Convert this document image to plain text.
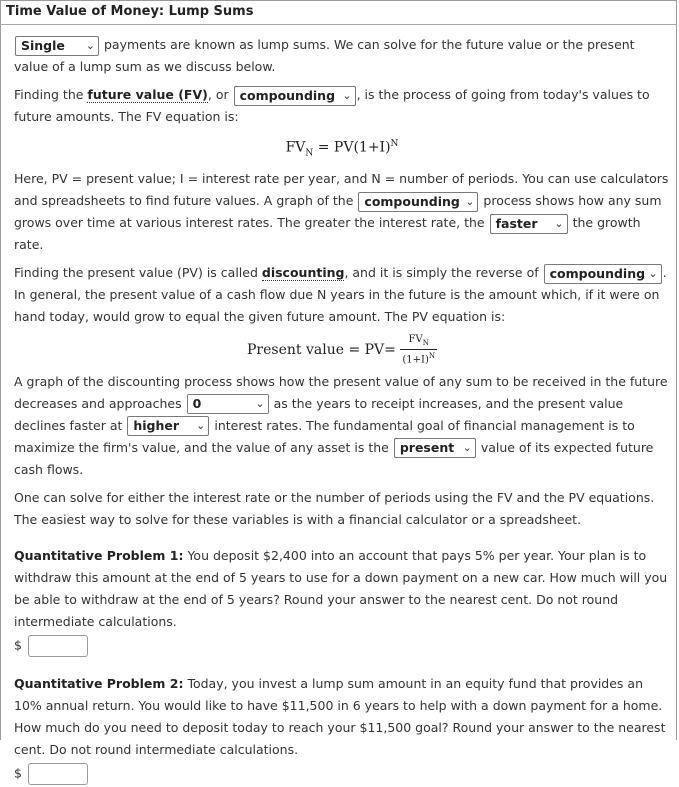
Time Value of Money: Lump Sums

Single ⌄ payments are known as lump sums. We can solve for the future value or the present value of a lump sum as we discuss below.

Finding the future value (FV), or compounding ⌄ , is the process of going from today's values to future amounts. The FV equation is:

$FV_N = PV(1+I)^N$

Here, PV = present value; I = interest rate per year, and N = number of periods. You can use calculators and spreadsheets to find future values. A graph of the compounding ⌄ process shows how any sum grows over time at various interest rates. The greater the interest rate, the faster ⌄ the growth rate.

Finding the present value (PV) is called discounting, and it is simply the reverse of compounding ⌄ . In general, the present value of a cash flow due N years in the future is the amount which, if it were on hand today, would grow to equal the given future amount. The PV equation is:

Present value = $PV= \frac{FV_N}{(1+I)^N}$

A graph of the discounting process shows how the present value of any sum to be received in the future decreases and approaches 0	⌄ as the years to receipt increases, and the present value declines faster at higher ⌄ interest rates. The fundamental goal of financial management is to maximize the firm's value, and the value of any asset is the present ⌄ value of its expected future cash flows.

One can solve for either the interest rate or the number of periods using the FV and the PV equations. The easiest way to solve for these variables is with a financial calculator or a spreadsheet.

Quantitative Problem 1: You deposit $2,400 into an account that pays 5% per year. Your plan is to withdraw this amount at the end of 5 years to use for a down payment on a new car. How much will you be able to withdraw at the end of 5 years? Round your answer to the nearest cent. Do not round intermediate calculations.

$

Quantitative Problem 2: Today, you invest a lump sum amount in an equity fund that provides an 10% annual return. You would like to have $11,500 in 6 years to help with a down payment for a home. How much do you need to deposit today to reach your $11,500 goal? Round your answer to the nearest cent. Do not round intermediate calculations.

$
